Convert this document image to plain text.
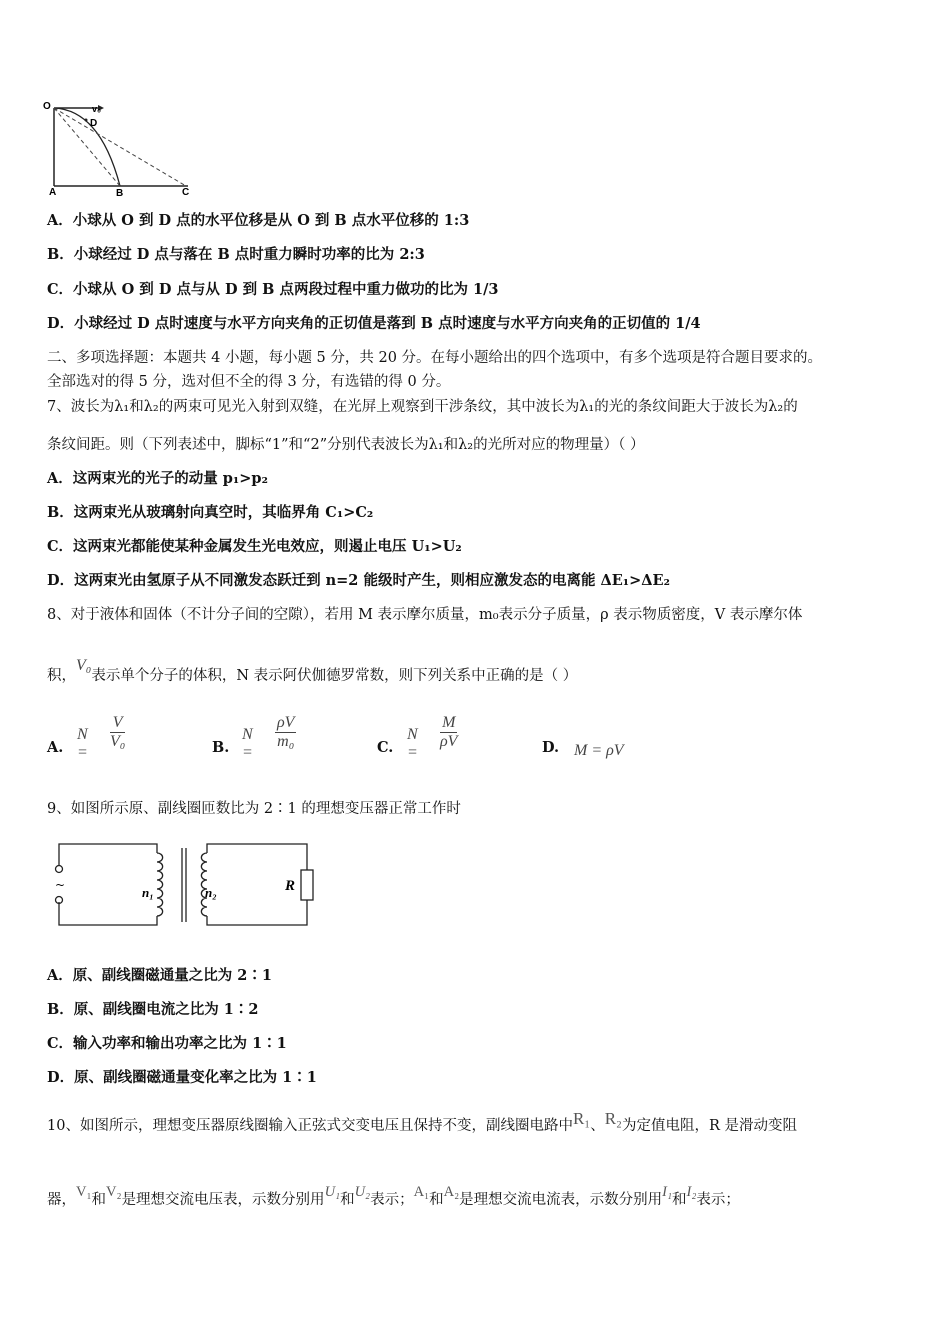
O	v₀
D
A	B	C
A．小球从 O 到 D 点的水平位移是从 O 到 B 点水平位移的 1:3
B．小球经过 D 点与落在 B 点时重力瞬时功率的比为 2:3
C．小球从 O 到 D 点与从 D 到 B 点两段过程中重力做功的比为 1/3
D．小球经过 D 点时速度与水平方向夹角的正切值是落到 B 点时速度与水平方向夹角的正切值的 1/4
二、多项选择题：本题共 4 小题，每小题 5 分，共 20 分。在每小题给出的四个选项中，有多个选项是符合题目要求的。
全部选对的得 5 分，选对但不全的得 3 分，有选错的得 0 分。
7、波长为λ₁和λ₂的两束可见光入射到双缝，在光屏上观察到干涉条纹，其中波长为λ₁的光的条纹间距大于波长为λ₂的
条纹间距。则（下列表述中，脚标“1”和“2”分别代表波长为λ₁和λ₂的光所对应的物理量）（ ）
A．这两束光的光子的动量 p₁>p₂
B．这两束光从玻璃射向真空时，其临界角 C₁>C₂
C．这两束光都能使某种金属发生光电效应，则遏止电压 U₁>U₂
D．这两束光由氢原子从不同激发态跃迁到 n=2 能级时产生，则相应激发态的电离能 ΔE₁>ΔE₂
8、对于液体和固体（不计分子间的空隙），若用 M 表示摩尔质量，m₀表示分子质量，ρ 表示物质密度，V 表示摩尔体
积，V₀表示单个分子的体积，N 表示阿伏伽德罗常数，则下列关系中正确的是（ ）
A.
N =
$\frac{V}{\text{V₀}}$	B.
N =
$\frac{\rho V}{\text{m₀}}$	C.
N =
$\frac{M}{\rho V}$	D. M = ρV
9、如图所示原、副线圈匝数比为 2∶1 的理想变压器正常工作时
~	n₁	n₂	R
A．原、副线圈磁通量之比为 2∶1
B．原、副线圈电流之比为 1∶2
C．输入功率和输出功率之比为 1∶1
D．原、副线圈磁通量变化率之比为 1∶1
10、如图所示，理想变压器原线圈输入正弦式交变电压且保持不变，副线圈电路中R₁、R₂为定值电阻，R 是滑动变阻
器，V₁和V₂是理想交流电压表，示数分别用U₁和U₂表示；A₁和A₂是理想交流电流表，示数分别用I₁和I₂表示；
